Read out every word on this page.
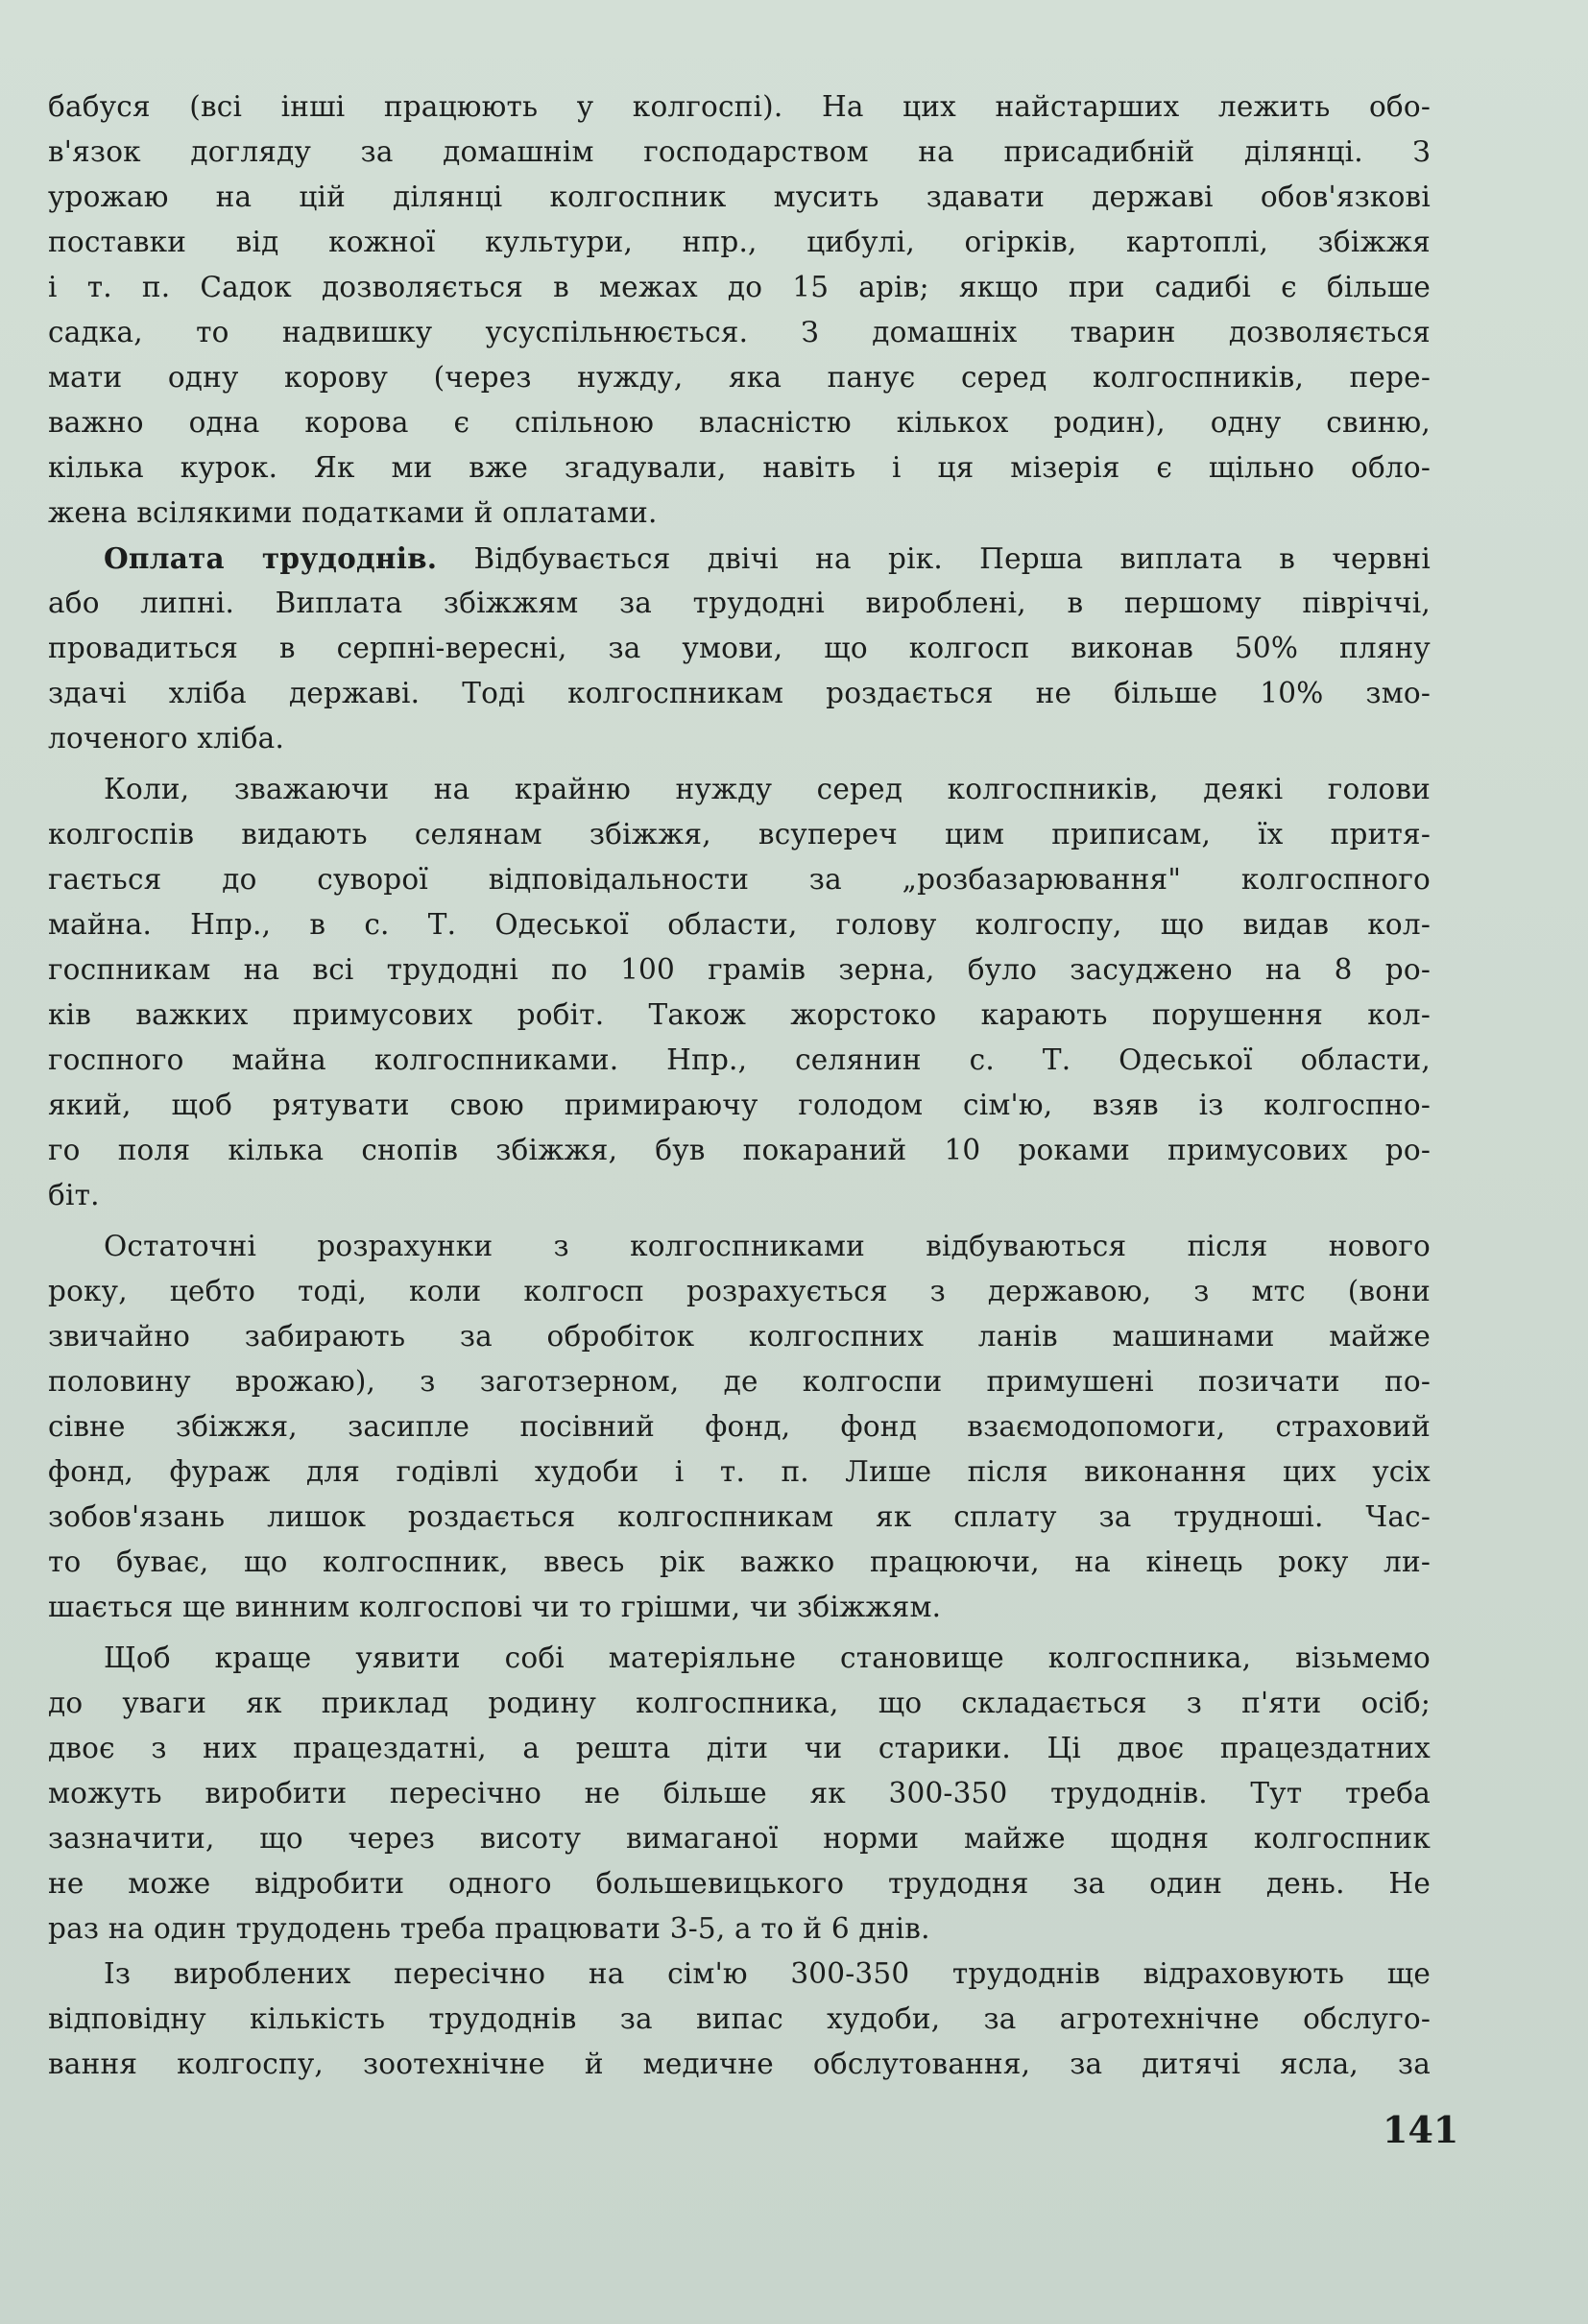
бабуся (всі інші працюють у колгоспі). На цих найстарших лежить обо-
в'язок догляду за домашнім господарством на присадибній ділянці. З
урожаю на цій ділянці колгоспник мусить здавати державі обов'язкові
поставки від кожної культури, нпр., цибулі, огірків, картоплі, збіжжя
і т. п. Садок дозволяється в межах до 15 арів; якщо при садибі є більше
садка, то надвишку усуспільнюється. З домашніх тварин дозволяється
мати одну корову (через нужду, яка панує серед колгоспників, пере-
важно одна корова є спільною власністю кількох родин), одну свиню,
кілька курок. Як ми вже згадували, навіть і ця мізерія є щільно обло-
жена всілякими податками й оплатами.
Оплата трудоднів. Відбувається двічі на рік. Перша виплата в червні
або липні. Виплата збіжжям за трудодні вироблені, в першому півріччі,
провадиться в серпні-вересні, за умови, що колгосп виконав 50% пляну
здачі хліба державі. Тоді колгоспникам роздається не більше 10% змо-
лоченого хліба.
Коли, зважаючи на крайню нужду серед колгоспників, деякі голови
колгоспів видають селянам збіжжя, всупереч цим приписам, їх притя-
гається до суворої відповідальности за „розбазарювання" колгоспного
майна. Нпр., в с. Т. Одеської области, голову колгоспу, що видав кол-
госпникам на всі трудодні по 100 грамів зерна, було засуджено на 8 ро-
ків важких примусових робіт. Також жорстоко карають порушення кол-
госпного майна колгоспниками. Нпр., селянин с. Т. Одеської области,
який, щоб рятувати свою примираючу голодом сім'ю, взяв із колгоспно-
го поля кілька снопів збіжжя, був покараний 10 роками примусових ро-
біт.
Остаточні розрахунки з колгоспниками відбуваються після нового
року, цебто тоді, коли колгосп розрахується з державою, з мтс (вони
звичайно забирають за обробіток колгоспних ланів машинами майже
половину врожаю), з заготзерном, де колгоспи примушені позичати по-
сівне збіжжя, засипле посівний фонд, фонд взаємодопомоги, страховий
фонд, фураж для годівлі худоби і т. п. Лише після виконання цих усіх
зобов'язань лишок роздається колгоспникам як сплату за трудноші. Час-
то буває, що колгоспник, ввесь рік важко працюючи, на кінець року ли-
шається ще винним колгоспові чи то грішми, чи збіжжям.
Щоб краще уявити собі матеріяльне становище колгоспника, візьмемо
до уваги як приклад родину колгоспника, що складається з п'яти осіб;
двоє з них працездатні, а решта діти чи старики. Ці двоє працездатних
можуть виробити пересічно не більше як 300-350 трудоднів. Тут треба
зазначити, що через висоту вимаганої норми майже щодня колгоспник
не може відробити одного большевицького трудодня за один день. Не
раз на один трудодень треба працювати 3-5, а то й 6 днів.
Із вироблених пересічно на сім'ю 300-350 трудоднів відраховують ще
відповідну кількість трудоднів за випас худоби, за агротехнічне обслуго-
вання колгоспу, зоотехнічне й медичне обслутовання, за дитячі ясла, за
141
